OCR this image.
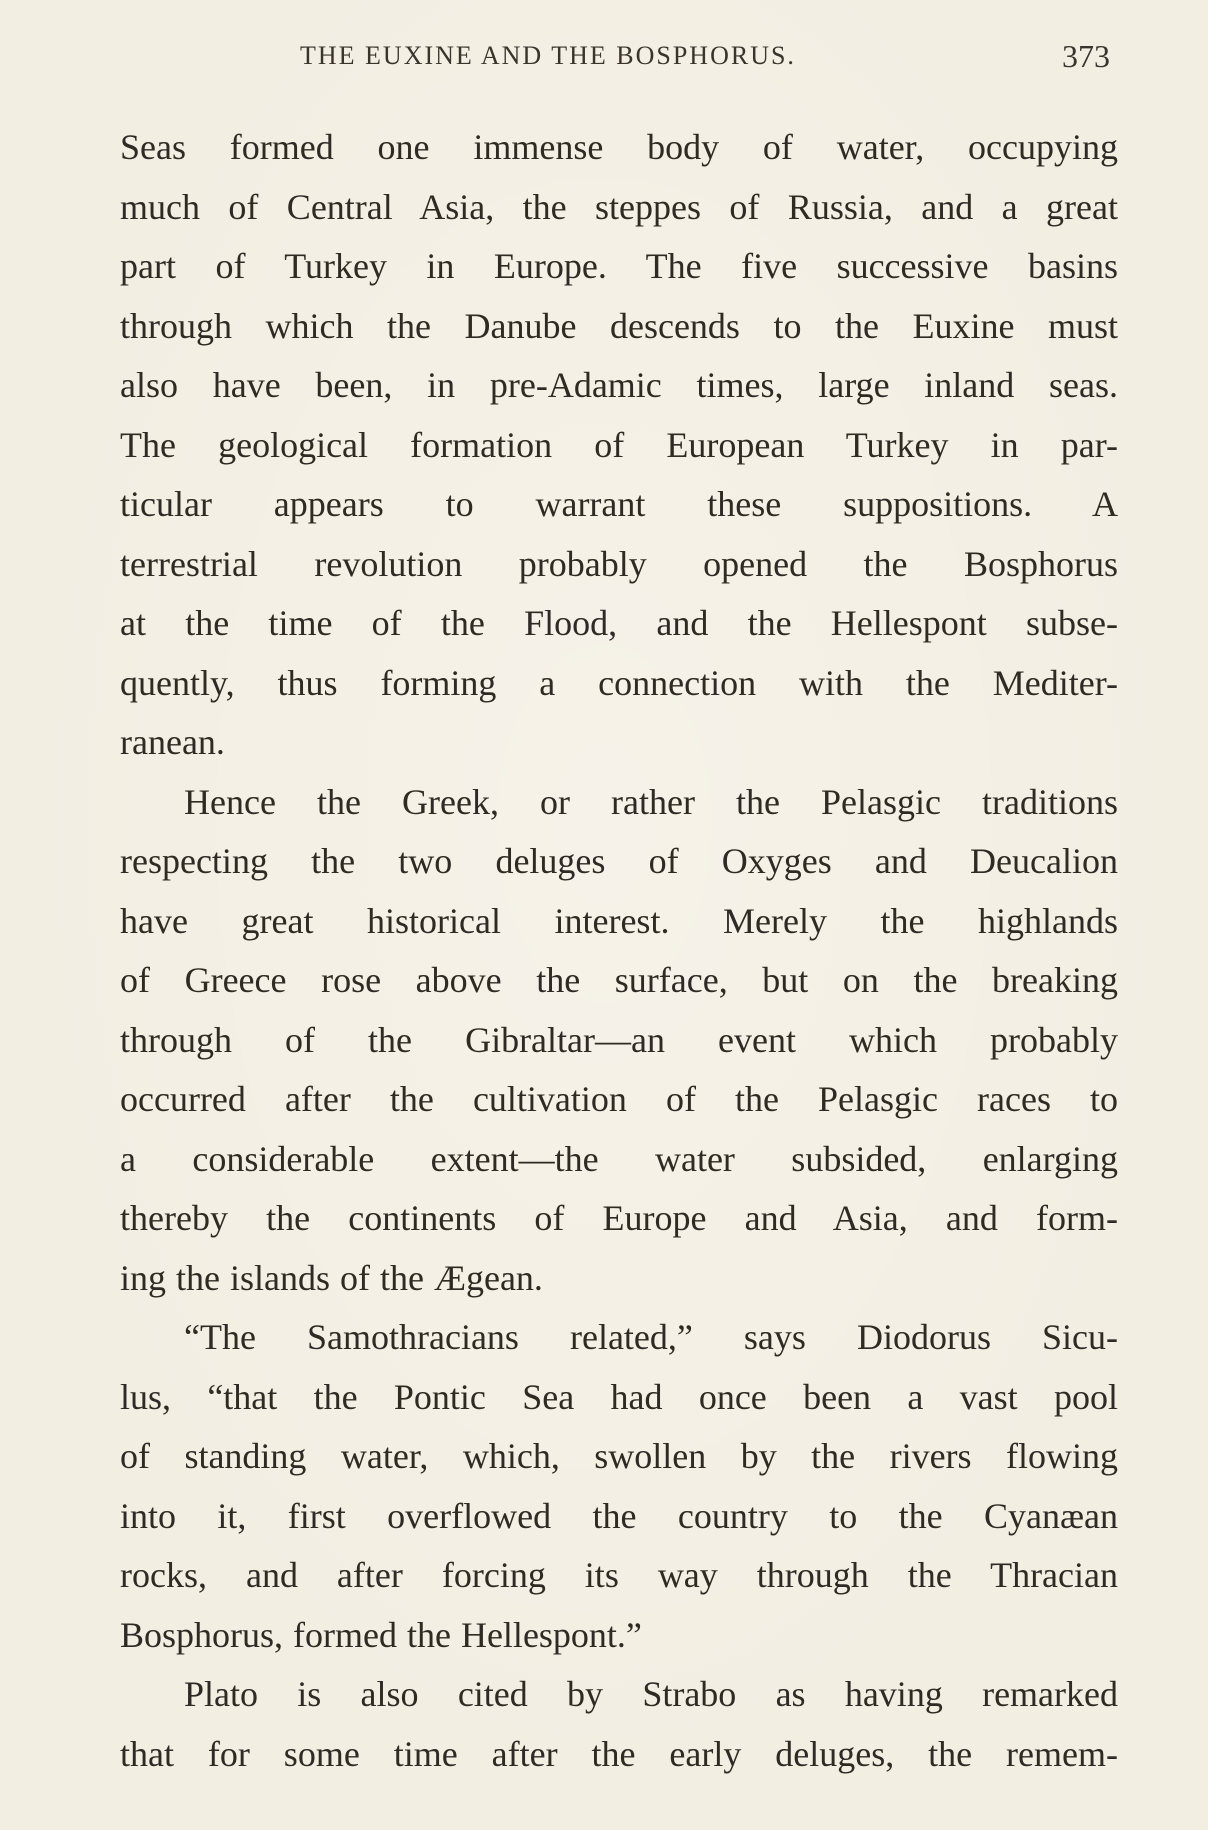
THE EUXINE AND THE BOSPHORUS.	373
Seas formed one immense body of water, occupying
much of Central Asia, the steppes of Russia, and a great
part of Turkey in Europe. The five successive basins
through which the Danube descends to the Euxine must
also have been, in pre-Adamic times, large inland seas.
The geological formation of European Turkey in par-
ticular appears to warrant these suppositions. A
terrestrial revolution probably opened the Bosphorus
at the time of the Flood, and the Hellespont subse-
quently, thus forming a connection with the Mediter-
ranean.
Hence the Greek, or rather the Pelasgic traditions
respecting the two deluges of Oxyges and Deucalion
have great historical interest. Merely the highlands
of Greece rose above the surface, but on the breaking
through of the Gibraltar—an event which probably
occurred after the cultivation of the Pelasgic races to
a considerable extent—the water subsided, enlarging
thereby the continents of Europe and Asia, and form-
ing the islands of the Ægean.
“The Samothracians related,” says Diodorus Sicu-
lus, “that the Pontic Sea had once been a vast pool
of standing water, which, swollen by the rivers flowing
into it, first overflowed the country to the Cyanæan
rocks, and after forcing its way through the Thracian
Bosphorus, formed the Hellespont.”
Plato is also cited by Strabo as having remarked
that for some time after the early deluges, the remem-
